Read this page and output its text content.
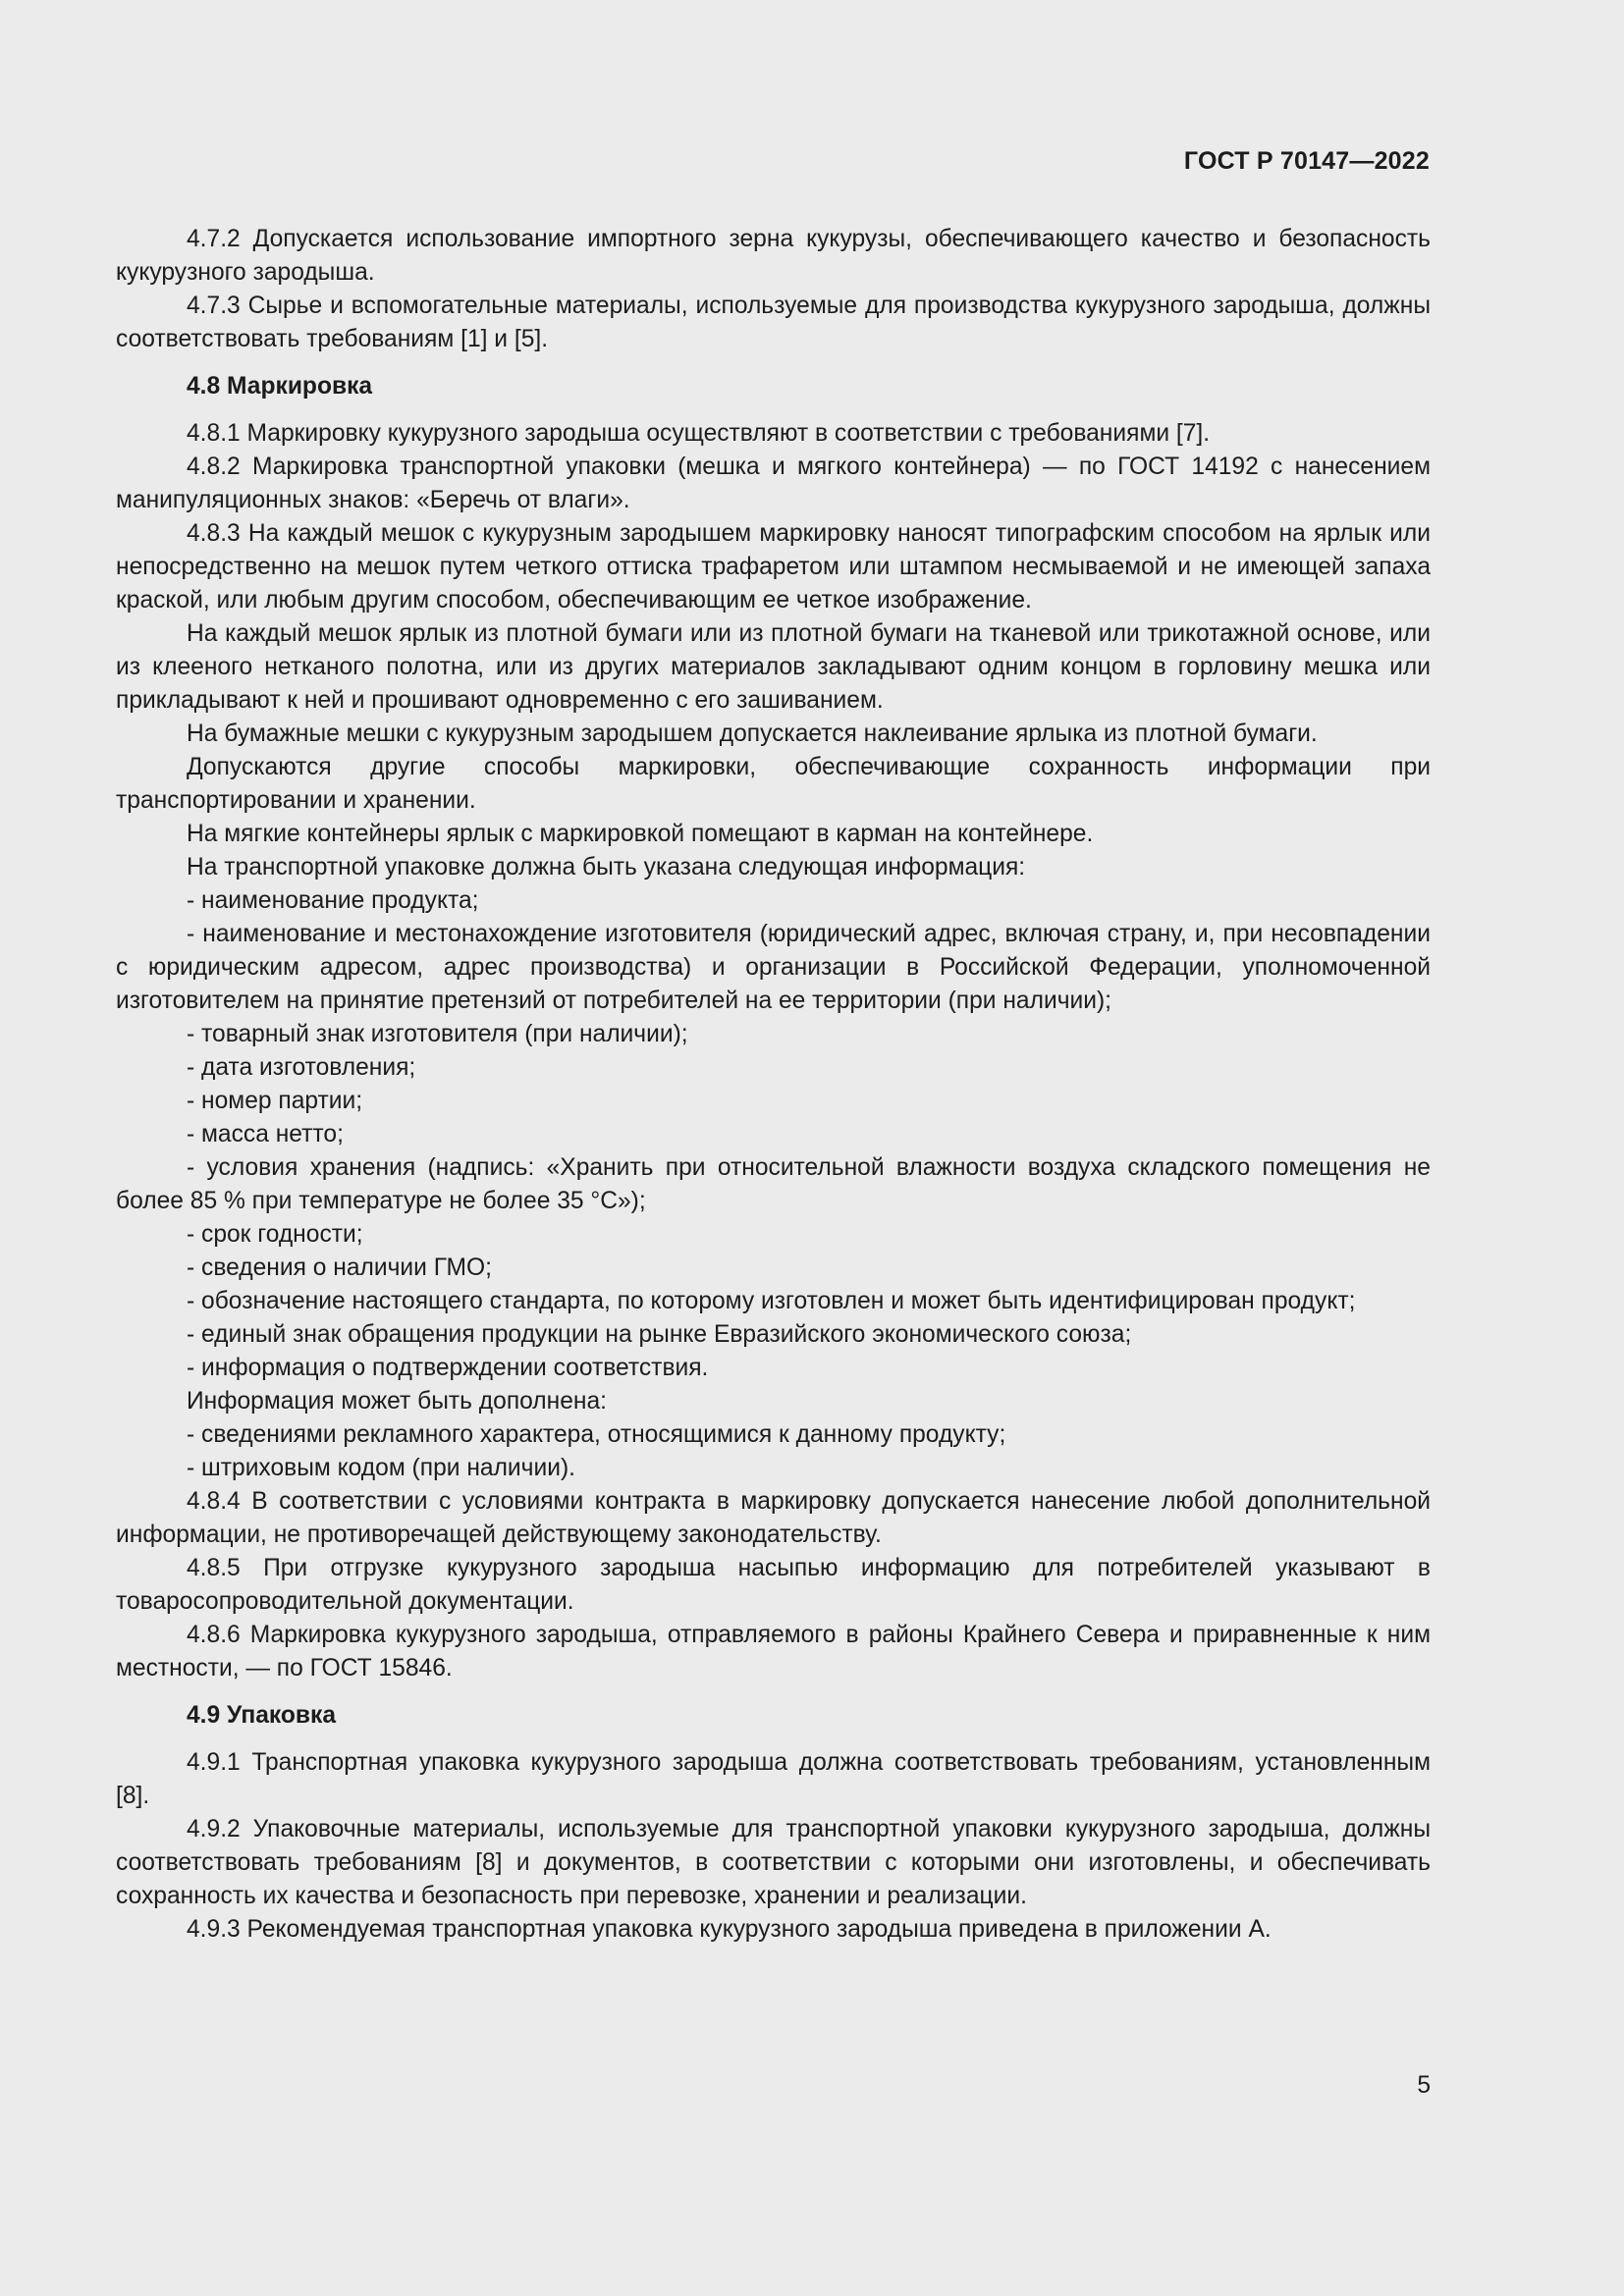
ГОСТ Р 70147—2022

4.7.2 Допускается использование импортного зерна кукурузы, обеспечивающего качество и безопасность кукурузного зародыша.

4.7.3 Сырье и вспомогательные материалы, используемые для производства кукурузного зародыша, должны соответствовать требованиям [1] и [5].

4.8 Маркировка

4.8.1 Маркировку кукурузного зародыша осуществляют в соответствии с требованиями [7].

4.8.2 Маркировка транспортной упаковки (мешка и мягкого контейнера) — по ГОСТ 14192 с нанесением манипуляционных знаков: «Беречь от влаги».

4.8.3 На каждый мешок с кукурузным зародышем маркировку наносят типографским способом на ярлык или непосредственно на мешок путем четкого оттиска трафаретом или штампом несмываемой и не имеющей запаха краской, или любым другим способом, обеспечивающим ее четкое изображение.

На каждый мешок ярлык из плотной бумаги или из плотной бумаги на тканевой или трикотажной основе, или из клееного нетканого полотна, или из других материалов закладывают одним концом в горловину мешка или прикладывают к ней и прошивают одновременно с его зашиванием.

На бумажные мешки с кукурузным зародышем допускается наклеивание ярлыка из плотной бумаги.

Допускаются другие способы маркировки, обеспечивающие сохранность информации при транспортировании и хранении.

На мягкие контейнеры ярлык с маркировкой помещают в карман на контейнере.

На транспортной упаковке должна быть указана следующая информация:

- наименование продукта;

- наименование и местонахождение изготовителя (юридический адрес, включая страну, и, при несовпадении с юридическим адресом, адрес производства) и организации в Российской Федерации, уполномоченной изготовителем на принятие претензий от потребителей на ее территории (при наличии);

- товарный знак изготовителя (при наличии);

- дата изготовления;

- номер партии;

- масса нетто;

- условия хранения (надпись: «Хранить при относительной влажности воздуха складского помещения не более 85 % при температуре не более 35 °С»);

- срок годности;

- сведения о наличии ГМО;

- обозначение настоящего стандарта, по которому изготовлен и может быть идентифицирован продукт;

- единый знак обращения продукции на рынке Евразийского экономического союза;

- информация о подтверждении соответствия.

Информация может быть дополнена:

- сведениями рекламного характера, относящимися к данному продукту;

- штриховым кодом (при наличии).

4.8.4 В соответствии с условиями контракта в маркировку допускается нанесение любой дополнительной информации, не противоречащей действующему законодательству.

4.8.5 При отгрузке кукурузного зародыша насыпью информацию для потребителей указывают в товаросопроводительной документации.

4.8.6 Маркировка кукурузного зародыша, отправляемого в районы Крайнего Севера и приравненные к ним местности, — по ГОСТ 15846.

4.9 Упаковка

4.9.1 Транспортная упаковка кукурузного зародыша должна соответствовать требованиям, установленным [8].

4.9.2 Упаковочные материалы, используемые для транспортной упаковки кукурузного зародыша, должны соответствовать требованиям [8] и документов, в соответствии с которыми они изготовлены, и обеспечивать сохранность их качества и безопасность при перевозке, хранении и реализации.

4.9.3 Рекомендуемая транспортная упаковка кукурузного зародыша приведена в приложении А.

5
